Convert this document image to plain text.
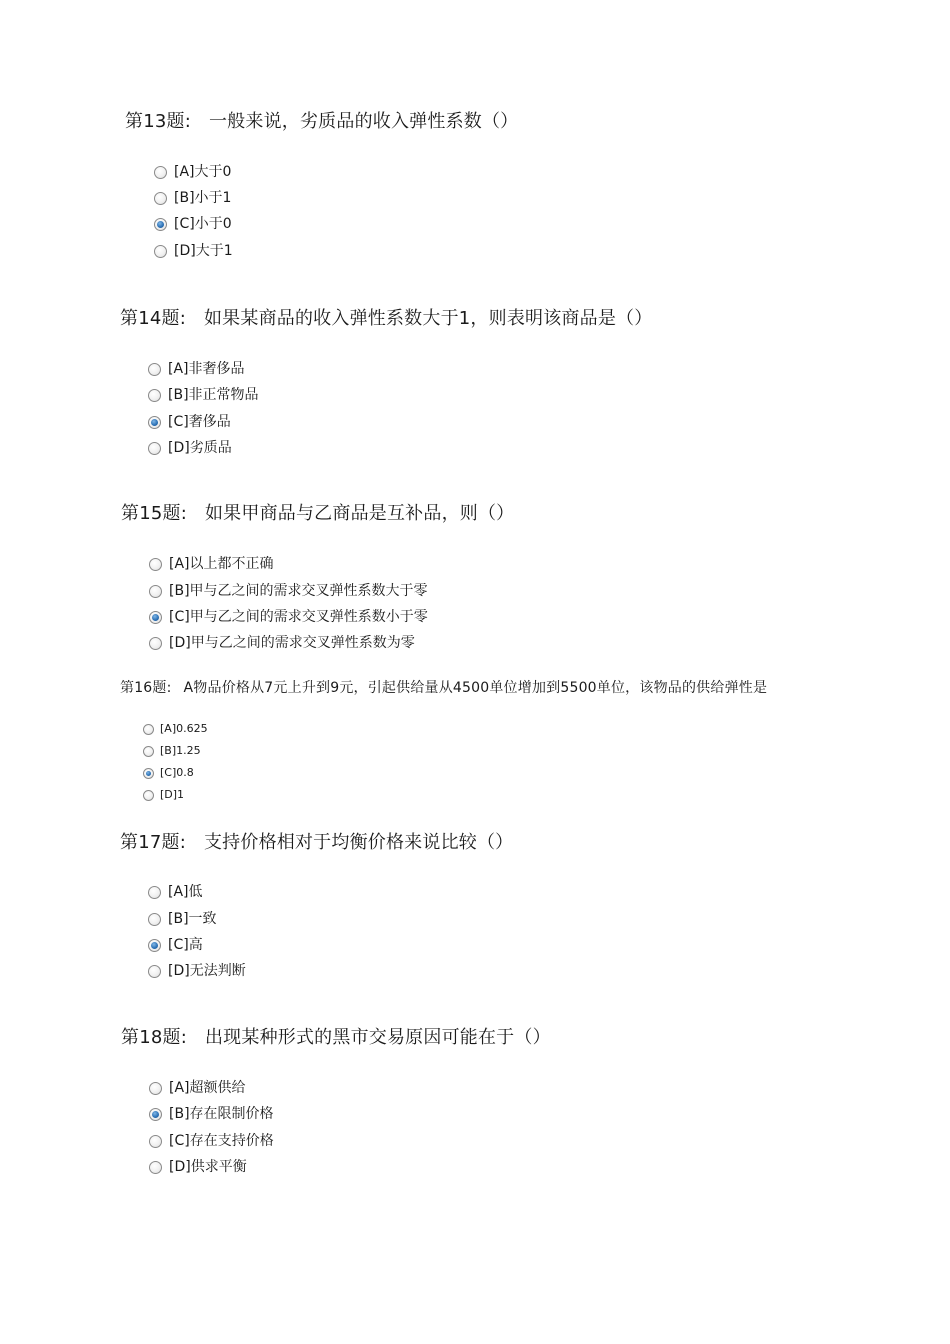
第13题: 一般来说，劣质品的收入弹性系数（）
[A]大于0
[B]小于1
[C]小于0
[D]大于1
第14题: 如果某商品的收入弹性系数大于1，则表明该商品是（）
[A]非奢侈品
[B]非正常物品
[C]奢侈品
[D]劣质品
第15题: 如果甲商品与乙商品是互补品，则（）
[A]以上都不正确
[B]甲与乙之间的需求交叉弹性系数大于零
[C]甲与乙之间的需求交叉弹性系数小于零
[D]甲与乙之间的需求交叉弹性系数为零
第16题: A物品价格从7元上升到9元，引起供给量从4500单位增加到5500单位，该物品的供给弹性是
[A]0.625
[B]1.25
[C]0.8
[D]1
第17题: 支持价格相对于均衡价格来说比较（）
[A]低
[B]一致
[C]高
[D]无法判断
第18题: 出现某种形式的黑市交易原因可能在于（）
[A]超额供给
[B]存在限制价格
[C]存在支持价格
[D]供求平衡
